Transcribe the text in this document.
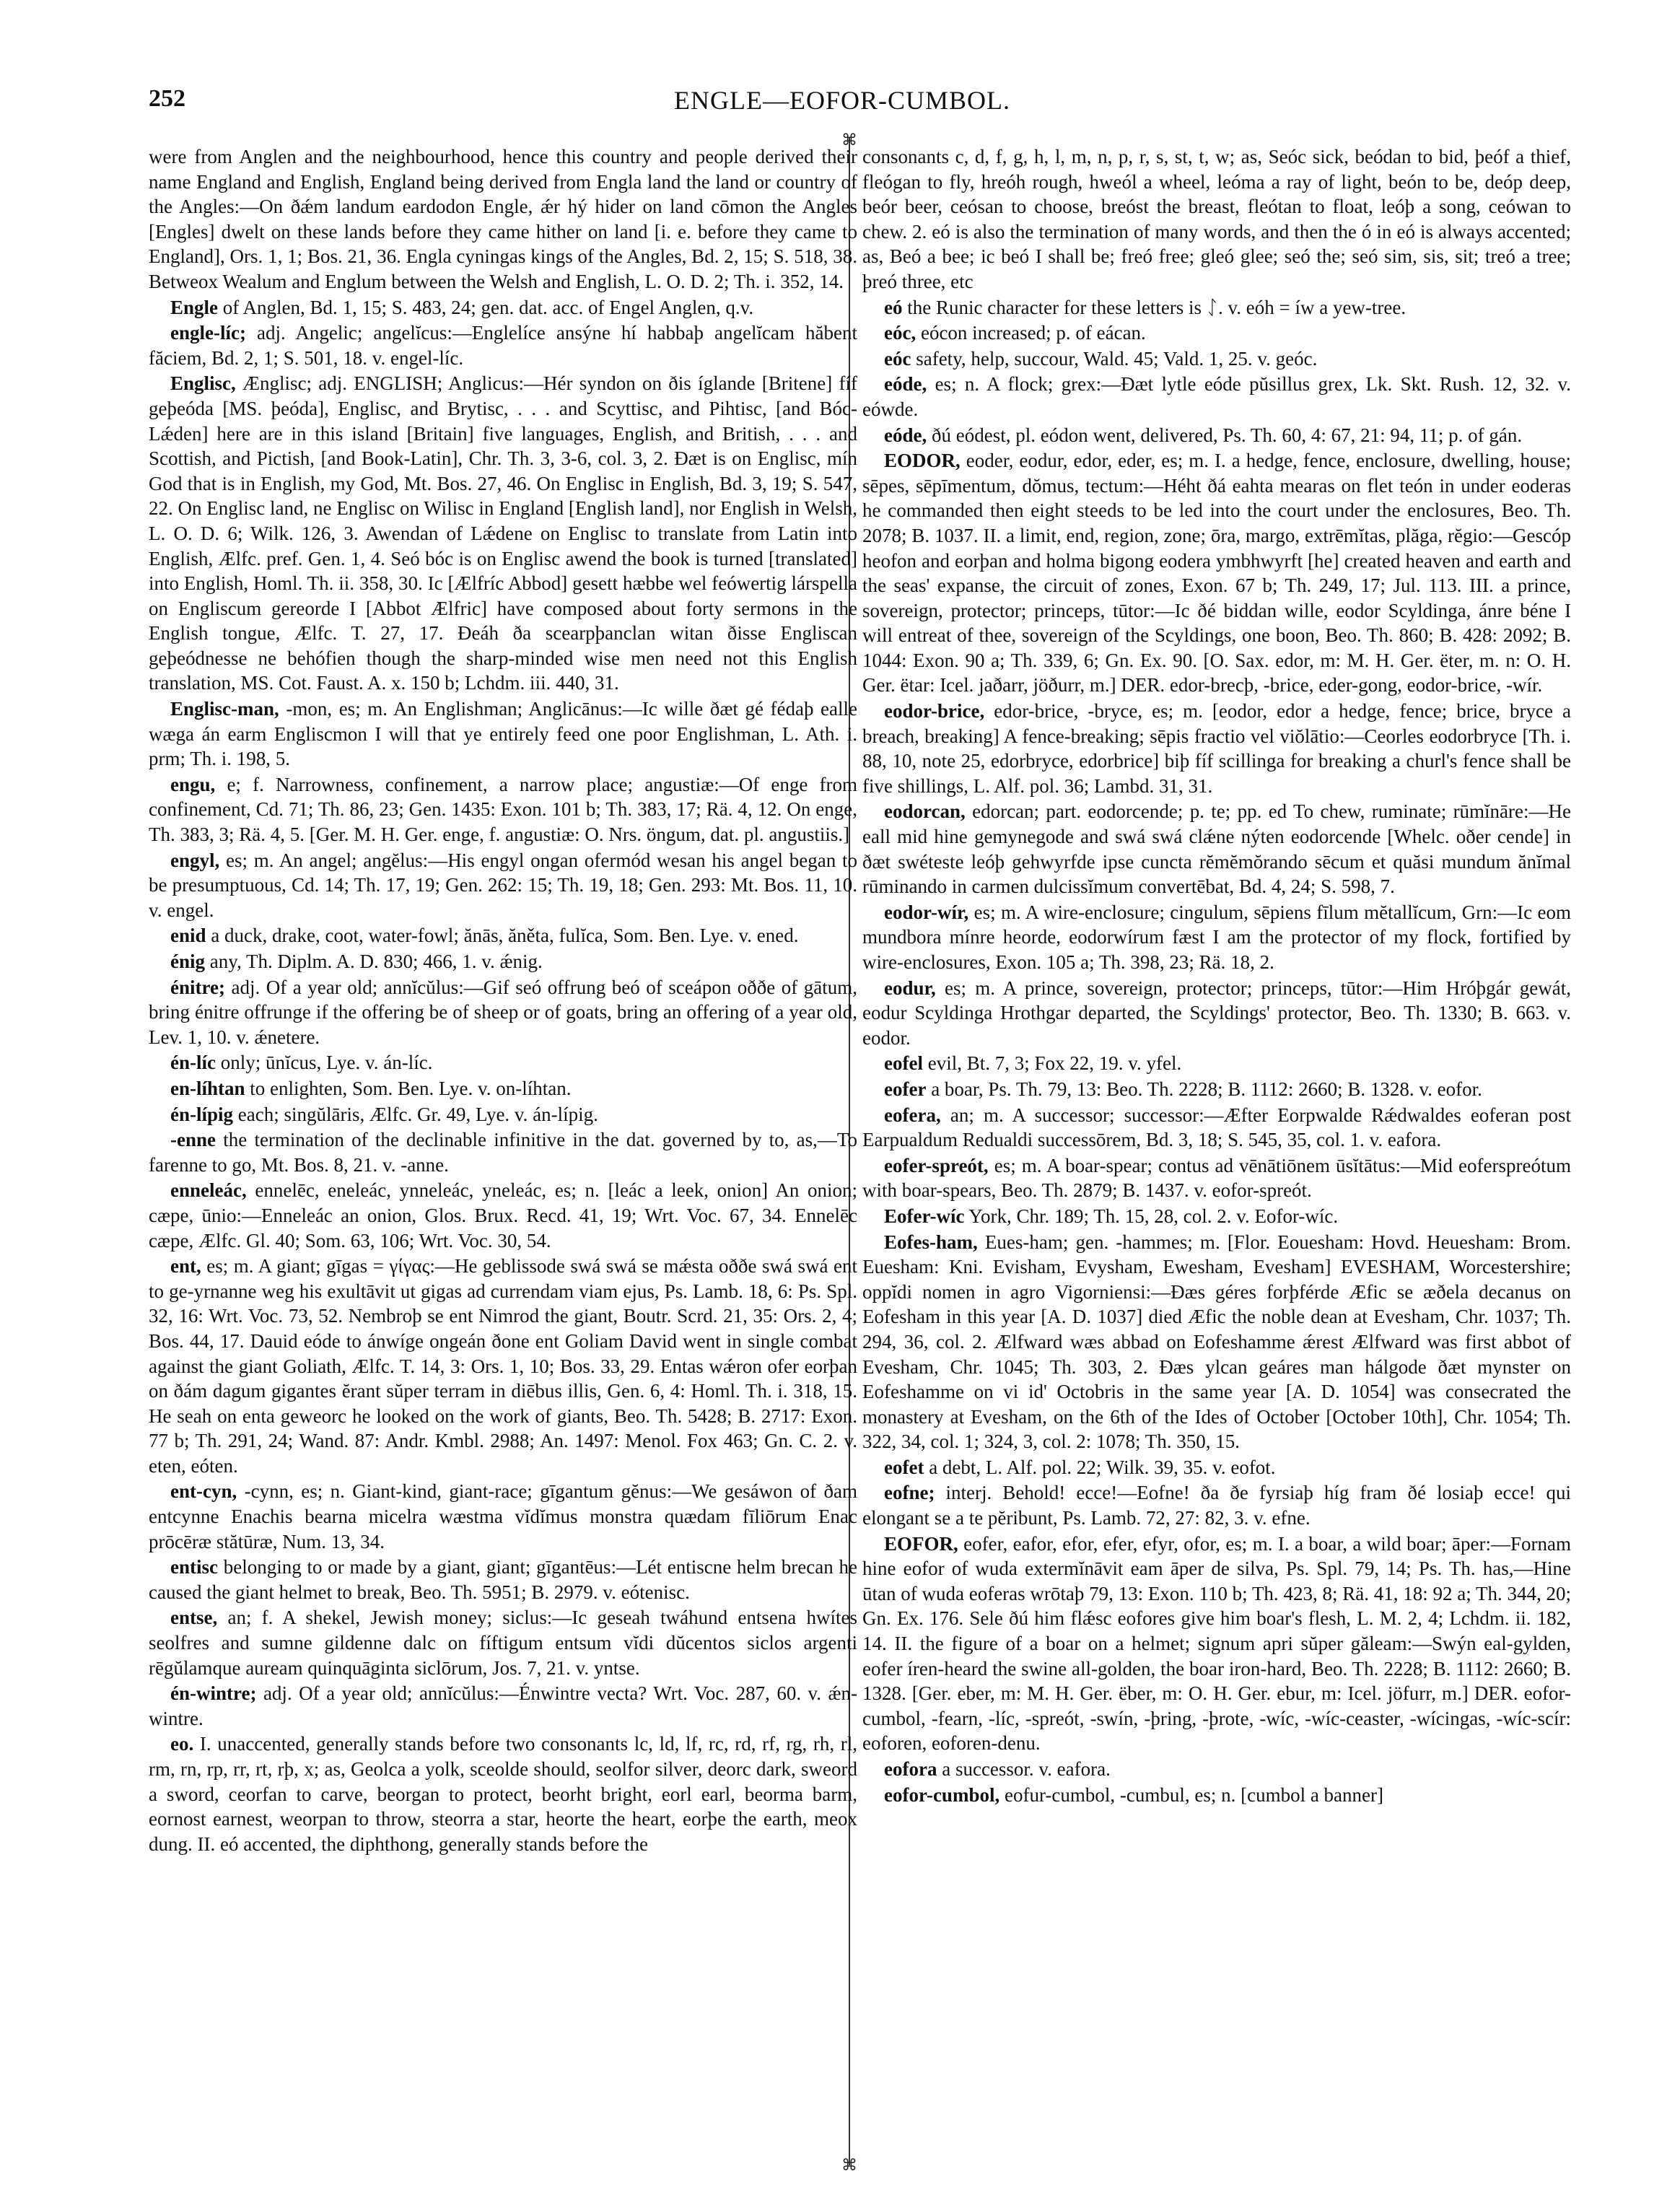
252	ENGLE—EOFOR-CUMBOL.
⌘
⌘

were from Anglen and the neighbourhood, hence this country and people derived their name England and English, England being derived from Engla land the land or country of the Angles:—On ðǽm landum eardodon Engle, ǽr hý hider on land cōmon the Angles [Engles] dwelt on these lands before they came hither on land [i. e. before they came to England], Ors. 1, 1; Bos. 21, 36. Engla cyningas kings of the Angles, Bd. 2, 15; S. 518, 38. Betweox Wealum and Englum between the Welsh and English, L. O. D. 2; Th. i. 352, 14.

Engle of Anglen, Bd. 1, 15; S. 483, 24; gen. dat. acc. of Engel Anglen, q.v.

engle-líc; adj. Angelic; angelĭcus:—Englelíce ansýne hí habbaþ angelĭcam hăbent făciem, Bd. 2, 1; S. 501, 18. v. engel-líc.

Englisc, Ænglisc; adj. ENGLISH; Anglicus:—Hér syndon on ðis íglande [Britene] fíf geþeóda [MS. þeóda], Englisc, and Brytisc, . . . and Scyttisc, and Pihtisc, [and Bóc-Lǽden] here are in this island [Britain] five languages, English, and British, . . . and Scottish, and Pictish, [and Book-Latin], Chr. Th. 3, 3-6, col. 3, 2. Ðæt is on Englisc, mín God that is in English, my God, Mt. Bos. 27, 46. On Englisc in English, Bd. 3, 19; S. 547, 22. On Englisc land, ne Englisc on Wilisc in England [English land], nor English in Welsh, L. O. D. 6; Wilk. 126, 3. Awendan of Lǽdene on Englisc to translate from Latin into English, Ælfc. pref. Gen. 1, 4. Seó bóc is on Englisc awend the book is turned [translated] into English, Homl. Th. ii. 358, 30. Ic [Ælfríc Abbod] gesett hæbbe wel feówertig lárspella on Engliscum gereorde I [Abbot Ælfric] have composed about forty sermons in the English tongue, Ælfc. T. 27, 17. Ðeáh ða scearpþanclan witan ðisse Engliscan geþeódnesse ne behófien though the sharp-minded wise men need not this English translation, MS. Cot. Faust. A. x. 150 b; Lchdm. iii. 440, 31.

Englisc-man, -mon, es; m. An Englishman; Anglicānus:—Ic wille ðæt gé fédaþ ealle wæga án earm Engliscmon I will that ye entirely feed one poor Englishman, L. Ath. i. prm; Th. i. 198, 5.

engu, e; f. Narrowness, confinement, a narrow place; angustiæ:—Of enge from confinement, Cd. 71; Th. 86, 23; Gen. 1435: Exon. 101 b; Th. 383, 17; Rä. 4, 12. On enge, Th. 383, 3; Rä. 4, 5. [Ger. M. H. Ger. enge, f. angustiæ: O. Nrs. öngum, dat. pl. angustiis.]

engyl, es; m. An angel; angĕlus:—His engyl ongan ofermód wesan his angel began to be presumptuous, Cd. 14; Th. 17, 19; Gen. 262: 15; Th. 19, 18; Gen. 293: Mt. Bos. 11, 10. v. engel.

enid a duck, drake, coot, water-fowl; ănās, ăněta, fulĭca, Som. Ben. Lye. v. ened.

énig any, Th. Diplm. A. D. 830; 466, 1. v. ǽnig.

énitre; adj. Of a year old; annĭcŭlus:—Gif seó offrung beó of sceápon oððe of gātum, bring énitre offrunge if the offering be of sheep or of goats, bring an offering of a year old, Lev. 1, 10. v. ǽnetere.

én-líc only; ūnĭcus, Lye. v. án-líc.

en-líhtan to enlighten, Som. Ben. Lye. v. on-líhtan.

én-lípig each; singŭlāris, Ælfc. Gr. 49, Lye. v. án-lípig.

-enne the termination of the declinable infinitive in the dat. governed by to, as,—To farenne to go, Mt. Bos. 8, 21. v. -anne.

enneleác, ennelēc, eneleác, ynneleác, yneleác, es; n. [leác a leek, onion] An onion; cæpe, ūnio:—Enneleác an onion, Glos. Brux. Recd. 41, 19; Wrt. Voc. 67, 34. Ennelēc cæpe, Ælfc. Gl. 40; Som. 63, 106; Wrt. Voc. 30, 54.

ent, es; m. A giant; gīgas = γίγας:—He geblissode swá swá se mǽsta oððe swá swá ent to ge-yrnanne weg his exultāvit ut gigas ad currendam viam ejus, Ps. Lamb. 18, 6: Ps. Spl. 32, 16: Wrt. Voc. 73, 52. Nembroþ se ent Nimrod the giant, Boutr. Scrd. 21, 35: Ors. 2, 4; Bos. 44, 17. Dauid eóde to ánwíge ongeán ðone ent Goliam David went in single combat against the giant Goliath, Ælfc. T. 14, 3: Ors. 1, 10; Bos. 33, 29. Entas wǽron ofer eorþan on ðám dagum gigantes ĕrant sŭper terram in diēbus illis, Gen. 6, 4: Homl. Th. i. 318, 15. He seah on enta geweorc he looked on the work of giants, Beo. Th. 5428; B. 2717: Exon. 77 b; Th. 291, 24; Wand. 87: Andr. Kmbl. 2988; An. 1497: Menol. Fox 463; Gn. C. 2. v. eten, eóten.

ent-cyn, -cynn, es; n. Giant-kind, giant-race; gīgantum gĕnus:—We gesáwon of ðam entcynne Enachis bearna micelra wæstma vĭdĭmus monstra quædam fīliōrum Enac prōcēræ stătūræ, Num. 13, 34.

entisc belonging to or made by a giant, giant; gīgantēus:—Lét entiscne helm brecan he caused the giant helmet to break, Beo. Th. 5951; B. 2979. v. eótenisc.

entse, an; f. A shekel, Jewish money; siclus:—Ic geseah twáhund entsena hwítes seolfres and sumne gildenne dalc on fíftigum entsum vĭdi dŭcentos siclos argenti rēgŭlamque auream quinquāginta siclōrum, Jos. 7, 21. v. yntse.

én-wintre; adj. Of a year old; annĭcŭlus:—Énwintre vecta? Wrt. Voc. 287, 60. v. ǽn-wintre.

eo. I. unaccented, generally stands before two consonants lc, ld, lf, rc, rd, rf, rg, rh, rl, rm, rn, rp, rr, rt, rþ, x; as, Geolca a yolk, sceolde should, seolfor silver, deorc dark, sweord a sword, ceorfan to carve, beorgan to protect, beorht bright, eorl earl, beorma barm, eornost earnest, weorpan to throw, steorra a star, heorte the heart, eorþe the earth, meox dung. II. eó accented, the diphthong, generally stands before the

consonants c, d, f, g, h, l, m, n, p, r, s, st, t, w; as, Seóc sick, beódan to bid, þeóf a thief, fleógan to fly, hreóh rough, hweól a wheel, leóma a ray of light, beón to be, deóp deep, beór beer, ceósan to choose, breóst the breast, fleótan to float, leóþ a song, ceówan to chew. 2. eó is also the termination of many words, and then the ó in eó is always accented; as, Beó a bee; ic beó I shall be; freó free; gleó glee; seó the; seó sim, sis, sit; treó a tree; þreó three, etc

eó the Runic character for these letters is ᛇ. v. eóh = íw a yew-tree.

eóc, eócon increased; p. of eácan.

eóc safety, help, succour, Wald. 45; Vald. 1, 25. v. geóc.

eóde, es; n. A flock; grex:—Ðæt lytle eóde pŭsillus grex, Lk. Skt. Rush. 12, 32. v. eówde.

eóde, ðú eódest, pl. eódon went, delivered, Ps. Th. 60, 4: 67, 21: 94, 11; p. of gán.

EODOR, eoder, eodur, edor, eder, es; m. I. a hedge, fence, enclosure, dwelling, house; sēpes, sēpīmentum, dŏmus, tectum:—Héht ðá eahta mearas on flet teón in under eoderas he commanded then eight steeds to be led into the court under the enclosures, Beo. Th. 2078; B. 1037. II. a limit, end, region, zone; ōra, margo, extrēmĭtas, plăga, rĕgio:—Gescóp heofon and eorþan and holma bigong eodera ymbhwyrft [he] created heaven and earth and the seas' expanse, the circuit of zones, Exon. 67 b; Th. 249, 17; Jul. 113. III. a prince, sovereign, protector; princeps, tūtor:—Ic ðé biddan wille, eodor Scyldinga, ánre béne I will entreat of thee, sovereign of the Scyldings, one boon, Beo. Th. 860; B. 428: 2092; B. 1044: Exon. 90 a; Th. 339, 6; Gn. Ex. 90. [O. Sax. edor, m: M. H. Ger. ëter, m. n: O. H. Ger. ëtar: Icel. jaðarr, jöðurr, m.] DER. edor-brecþ, -brice, eder-gong, eodor-brice, -wír.

eodor-brice, edor-brice, -bryce, es; m. [eodor, edor a hedge, fence; brice, bryce a breach, breaking] A fence-breaking; sēpis fractio vel viŏlātio:—Ceorles eodorbryce [Th. i. 88, 10, note 25, edorbryce, edorbrice] biþ fíf scillinga for breaking a churl's fence shall be five shillings, L. Alf. pol. 36; Lambd. 31, 31.

eodorcan, edorcan; part. eodorcende; p. te; pp. ed To chew, ruminate; rūmĭnāre:—He eall mid hine gemynegode and swá swá clǽne nýten eodorcende [Whelc. oðer cende] in ðæt swéteste leóþ gehwyrfde ipse cuncta rĕmĕmŏrando sēcum et quăsi mundum ănĭmal rūminando in carmen dulcissĭmum convertēbat, Bd. 4, 24; S. 598, 7.

eodor-wír, es; m. A wire-enclosure; cingulum, sēpiens fīlum mĕtallĭcum, Grn:—Ic eom mundbora mínre heorde, eodorwírum fæst I am the protector of my flock, fortified by wire-enclosures, Exon. 105 a; Th. 398, 23; Rä. 18, 2.

eodur, es; m. A prince, sovereign, protector; princeps, tūtor:—Him Hróþgár gewát, eodur Scyldinga Hrothgar departed, the Scyldings' protector, Beo. Th. 1330; B. 663. v. eodor.

eofel evil, Bt. 7, 3; Fox 22, 19. v. yfel.

eofer a boar, Ps. Th. 79, 13: Beo. Th. 2228; B. 1112: 2660; B. 1328. v. eofor.

eofera, an; m. A successor; successor:—Æfter Eorpwalde Rǽdwaldes eoferan post Earpualdum Redualdi successōrem, Bd. 3, 18; S. 545, 35, col. 1. v. eafora.

eofer-spreót, es; m. A boar-spear; contus ad vēnātiōnem ūsĭtātus:—Mid eoferspreótum with boar-spears, Beo. Th. 2879; B. 1437. v. eofor-spreót.

Eofer-wíc York, Chr. 189; Th. 15, 28, col. 2. v. Eofor-wíc.

Eofes-ham, Eues-ham; gen. -hammes; m. [Flor. Eouesham: Hovd. Heuesham: Brom. Euesham: Kni. Evisham, Evysham, Ewesham, Evesham] EVESHAM, Worcestershire; oppĭdi nomen in agro Vigorniensi:—Ðæs géres forþférde Æfic se æðela decanus on Eofesham in this year [A. D. 1037] died Æfic the noble dean at Evesham, Chr. 1037; Th. 294, 36, col. 2. Ælfward wæs abbad on Eofeshamme ǽrest Ælfward was first abbot of Evesham, Chr. 1045; Th. 303, 2. Ðæs ylcan geáres man hálgode ðæt mynster on Eofeshamme on vi id' Octobris in the same year [A. D. 1054] was consecrated the monastery at Evesham, on the 6th of the Ides of October [October 10th], Chr. 1054; Th. 322, 34, col. 1; 324, 3, col. 2: 1078; Th. 350, 15.

eofet a debt, L. Alf. pol. 22; Wilk. 39, 35. v. eofot.

eofne; interj. Behold! ecce!—Eofne! ða ðe fyrsiaþ híg fram ðé losiaþ ecce! qui elongant se a te pĕribunt, Ps. Lamb. 72, 27: 82, 3. v. efne.

EOFOR, eofer, eafor, efor, efer, efyr, ofor, es; m. I. a boar, a wild boar; āper:—Fornam hine eofor of wuda extermĭnāvit eam āper de silva, Ps. Spl. 79, 14; Ps. Th. has,—Hine ūtan of wuda eoferas wrōtaþ 79, 13: Exon. 110 b; Th. 423, 8; Rä. 41, 18: 92 a; Th. 344, 20; Gn. Ex. 176. Sele ðú him flǽsc eofores give him boar's flesh, L. M. 2, 4; Lchdm. ii. 182, 14. II. the figure of a boar on a helmet; signum apri sŭper găleam:—Swýn eal-gylden, eofer íren-heard the swine all-golden, the boar iron-hard, Beo. Th. 2228; B. 1112: 2660; B. 1328. [Ger. eber, m: M. H. Ger. ëber, m: O. H. Ger. ebur, m: Icel. jöfurr, m.] DER. eofor-cumbol, -fearn, -líc, -spreót, -swín, -þring, -þrote, -wíc, -wíc-ceaster, -wícingas, -wíc-scír: eoforen, eoforen-denu.

eofora a successor. v. eafora.

eofor-cumbol, eofur-cumbol, -cumbul, es; n. [cumbol a banner]
